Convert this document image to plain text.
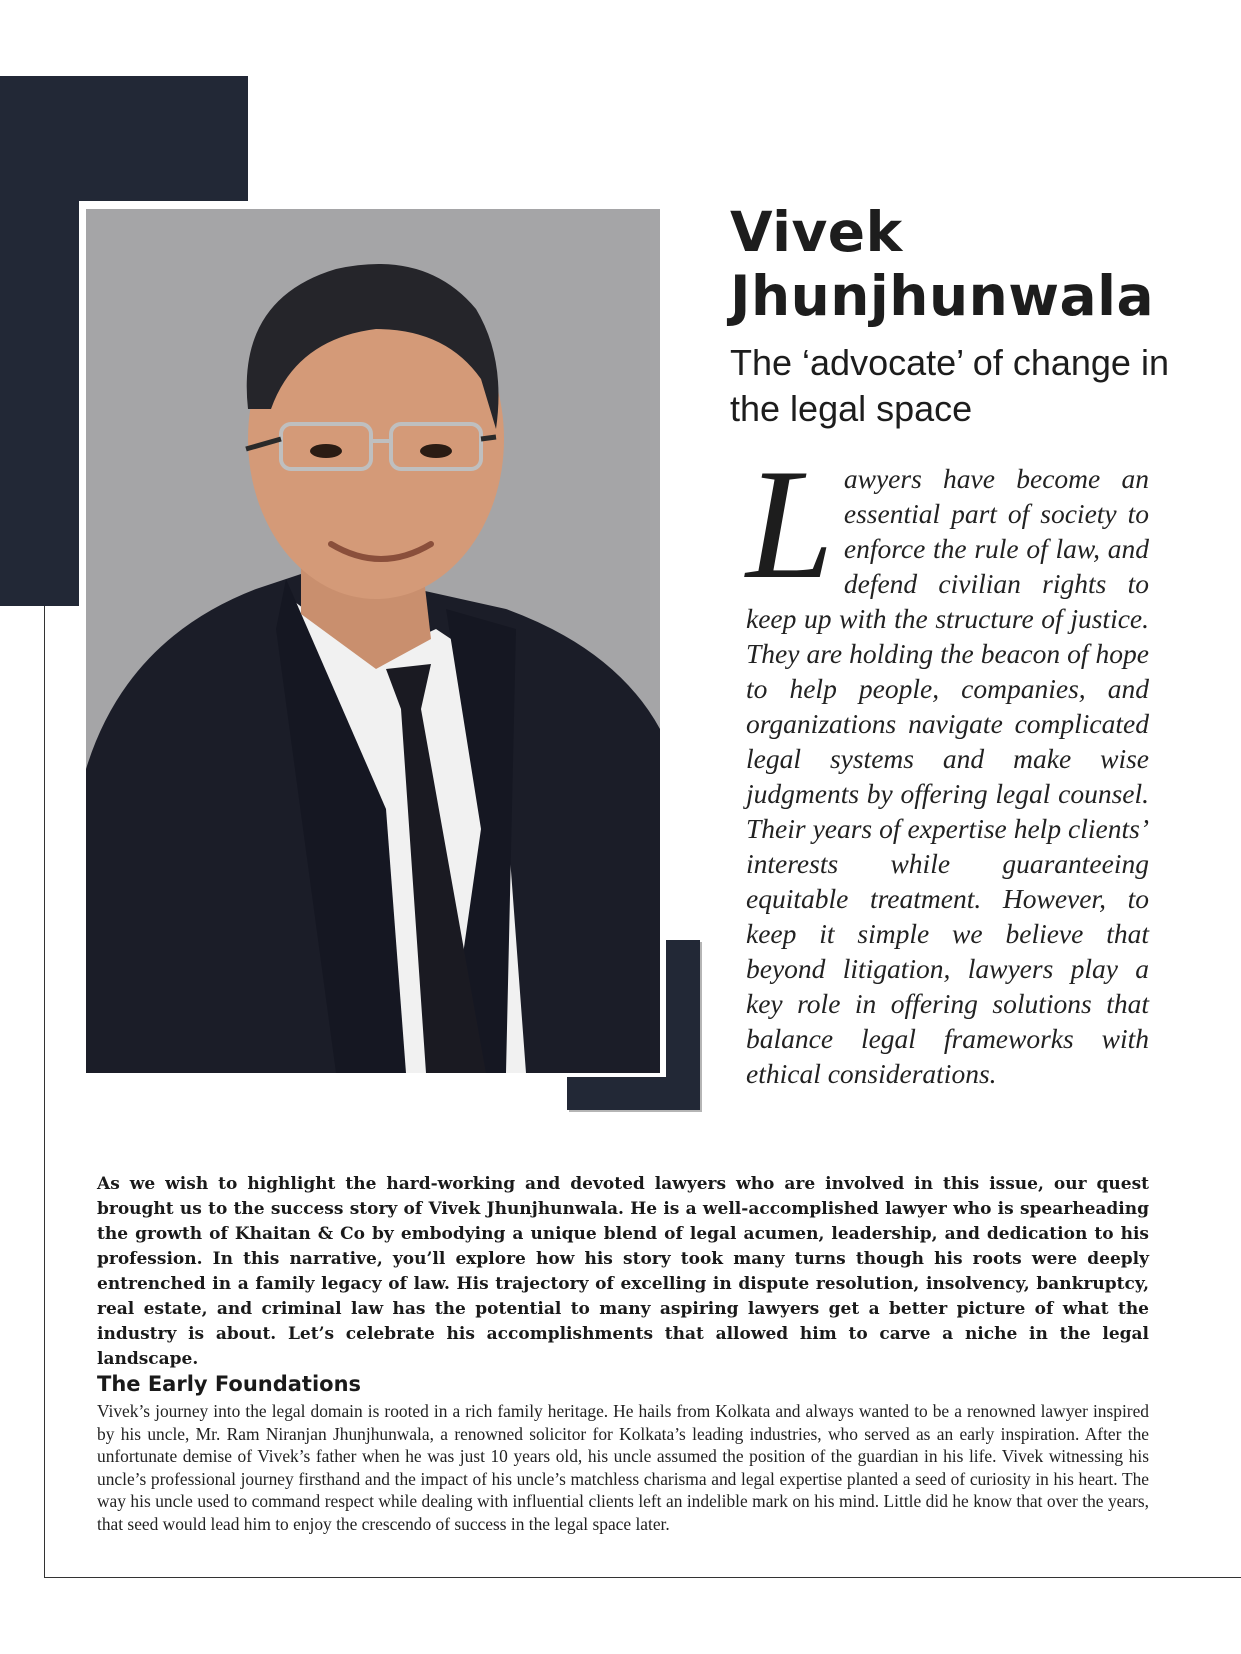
Vivek
Jhunjhunwala

The ‘advocate’ of change in the legal space

Lawyers have become an essential part of society to enforce the rule of law, and defend civilian rights to keep up with the structure of justice. They are holding the beacon of hope to help people, companies, and organizations navigate complicated legal systems and make wise judgments by offering legal counsel. Their years of expertise help clients’ interests while guaranteeing equitable treatment. However, to keep it simple we believe that beyond litigation, lawyers play a key role in offering solutions that balance legal frameworks with ethical considerations.

As we wish to highlight the hard-working and devoted lawyers who are involved in this issue, our quest brought us to the success story of Vivek Jhunjhunwala. He is a well-accomplished lawyer who is spearheading the growth of Khaitan & Co by embodying a unique blend of legal acumen, leadership, and dedication to his profession. In this narrative, you’ll explore how his story took many turns though his roots were deeply entrenched in a family legacy of law. His trajectory of excelling in dispute resolution, insolvency, bankruptcy, real estate, and criminal law has the potential to many aspiring lawyers get a better picture of what the industry is about. Let’s celebrate his accomplishments that allowed him to carve a niche in the legal landscape.

The Early Foundations

Vivek’s journey into the legal domain is rooted in a rich family heritage. He hails from Kolkata and always wanted to be a renowned lawyer inspired by his uncle, Mr. Ram Niranjan Jhunjhunwala, a renowned solicitor for Kolkata’s leading industries, who served as an early inspiration. After the unfortunate demise of Vivek’s father when he was just 10 years old, his uncle assumed the position of the guardian in his life. Vivek witnessing his uncle’s professional journey firsthand and the impact of his uncle’s matchless charisma and legal expertise planted a seed of curiosity in his heart. The way his uncle used to command respect while dealing with influential clients left an indelible mark on his mind. Little did he know that over the years, that seed would lead him to enjoy the crescendo of success in the legal space later.
